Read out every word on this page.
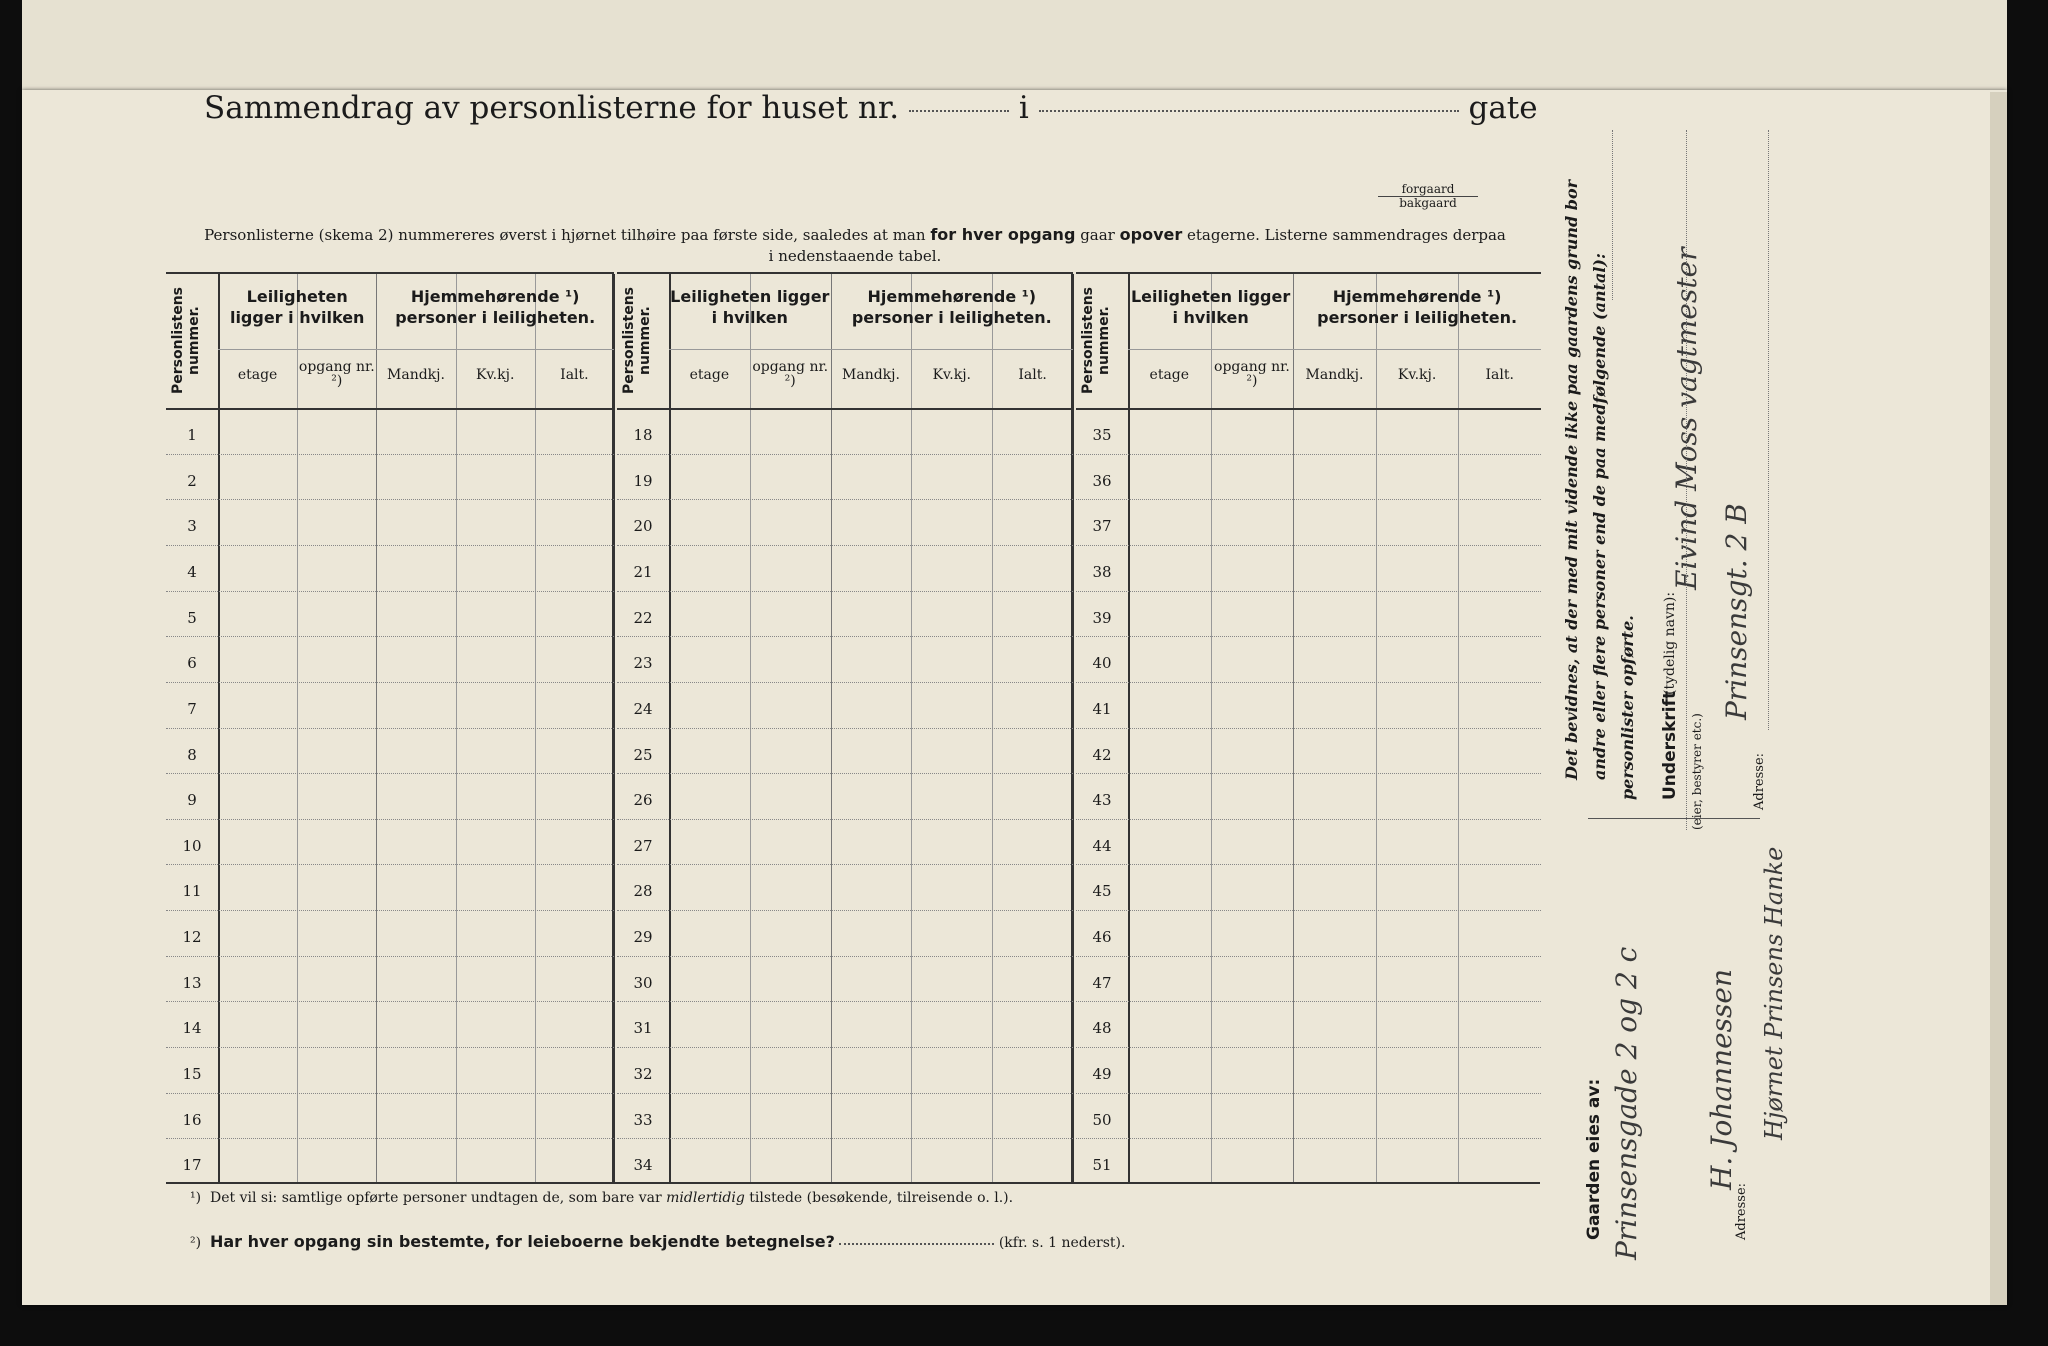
Sammendrag av personlisterne for huset nr.	i	gate
forgaard
bakgaard
Personlisterne (skema 2) nummereres øverst i hjørnet tilhøire paa første side, saaledes at man for hver opgang gaar opover etagerne. Listerne sammendrages derpaa i nedenstaaende tabel.
Personlistens nummer.
Leiligheten ligger i hvilken
Hjemmehørende ¹) personer i leiligheten.
etage	opgang nr. ²)	Mandkj.	Kv.kj.	Ialt.
1
2
3
4
5
6
7
8
9
10
11
12
13
14
15
16
17
Personlistens nummer.
Leiligheten ligger i hvilken
Hjemmehørende ¹) personer i leiligheten.
etage	opgang nr. ²)	Mandkj.	Kv.kj.	Ialt.
18
19
20
21
22
23
24
25
26
27
28
29
30
31
32
33
34
Personlistens nummer.
Leiligheten ligger i hvilken
Hjemmehørende ¹) personer i leiligheten.
etage	opgang nr. ²)	Mandkj.	Kv.kj.	Ialt.
35
36
37
38
39
40
41
42
43
44
45
46
47
48
49
50
51
¹) Det vil si: samtlige opførte personer undtagen de, som bare var midlertidig tilstede (besøkende, tilreisende o. l.).
²) Har hver opgang sin bestemte, for leieboerne bekjendte betegnelse?	(kfr. s. 1 nederst).
Det bevidnes, at der med mit vidende ikke paa gaardens grund bor andre eller flere personer end de paa medfølgende (antal): personlister opførte. Underskrift
(tydelig navn):
(eier, bestyrer etc.)
Eivind Moss vagtmester
Adresse:
Prinsensgt. 2 B
Gaarden eies av: Prinsensgade 2 og 2 c	Adresse:
H. Johannessen Hjørnet Prinsens Hanke
